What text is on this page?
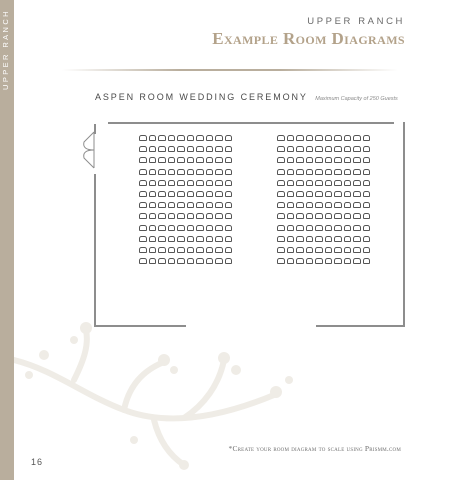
UPPER RANCH	UPPER RANCH
Example Room Diagrams
ASPEN ROOM WEDDING CEREMONY Maximum Capacity of 250 Guests
*Create your room diagram to scale using Prismm.com
16
